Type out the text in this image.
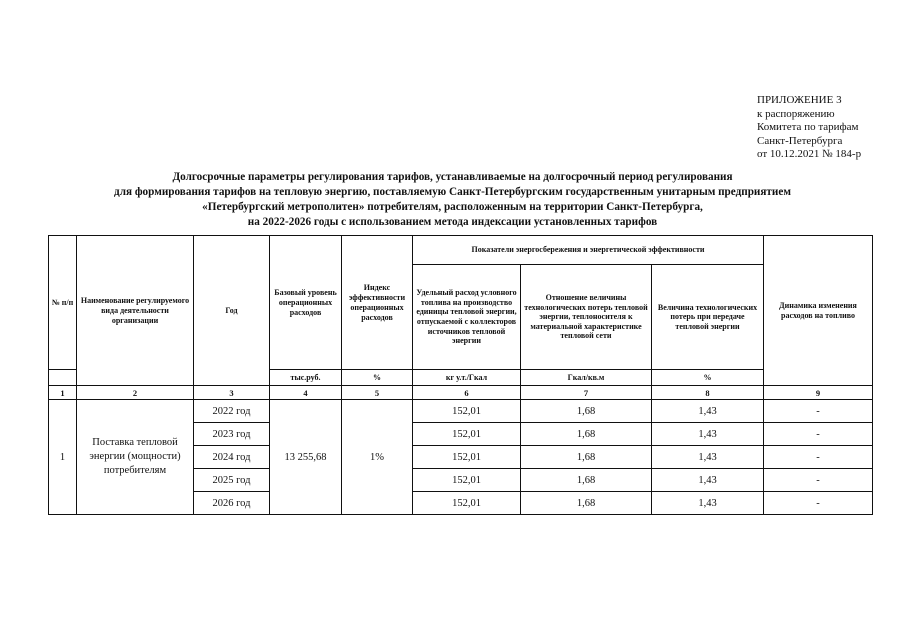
ПРИЛОЖЕНИЕ 3
к распоряжению
Комитета по тарифам
Санкт-Петербурга
от 10.12.2021 № 184-р
Долгосрочные параметры регулирования тарифов, устанавливаемые на долгосрочный период регулирования
для формирования тарифов на тепловую энергию, поставляемую Санкт-Петербургским государственным унитарным предприятием
«Петербургский метрополитен» потребителям, расположенным на территории Санкт-Петербурга,
на 2022-2026 годы с использованием метода индексации установленных тарифов
№ п/п	Наименование регулируемого вида деятельности организации	Год	Базовый уровень операционных расходов	Индекс эффективности операционных расходов	Показатели энергосбережения и энергетической эффективности			Динамика изменения расходов на топливо
					Удельный расход условного топлива на производство единицы тепловой энергии, отпускаемой с коллекторов источников тепловой энергии	Отношение величины технологических потерь тепловой энергии, теплоносителя к материальной характеристике тепловой сети	Величина технологических потерь при передаче тепловой энергии	
			тыс.руб.	%	кг у.т./Гкал	Гкал/кв.м	%	
1	2	3	4	5	6	7	8	9
1	Поставка тепловой энергии (мощности) потребителям	2022 год	13 255,68	1%	152,01	1,68	1,43	-
		2023 год			152,01	1,68	1,43	-
		2024 год			152,01	1,68	1,43	-
		2025 год			152,01	1,68	1,43	-
		2026 год			152,01	1,68	1,43	-
